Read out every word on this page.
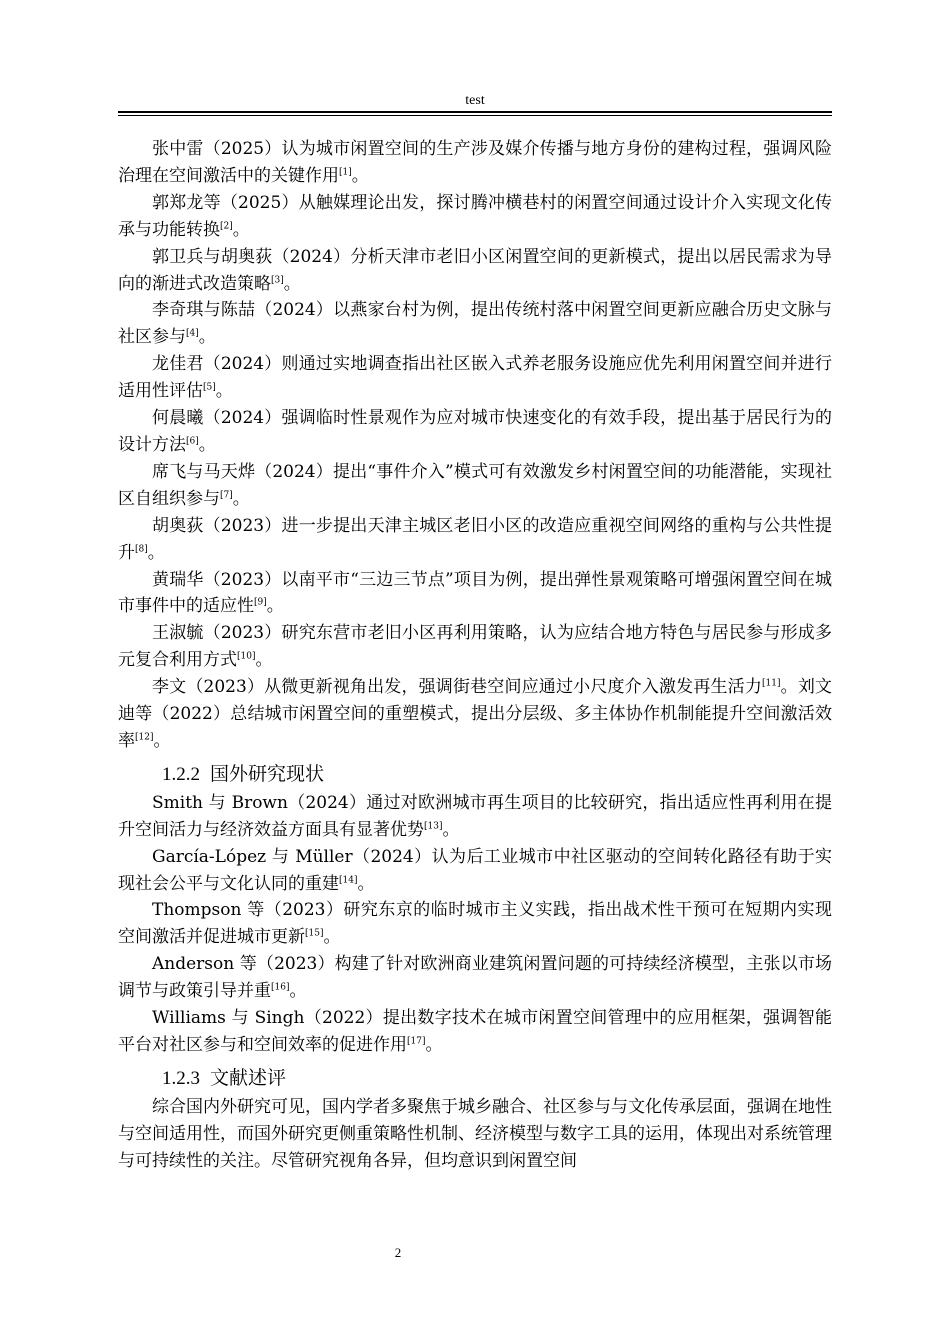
test

张中雷（2025）认为城市闲置空间的生产涉及媒介传播与地方身份的建构过程，强调风险治理在空间激活中的关键作用[1]。

郭郑龙等（2025）从触媒理论出发，探讨腾冲横巷村的闲置空间通过设计介入实现文化传承与功能转换[2]。

郭卫兵与胡奥荻（2024）分析天津市老旧小区闲置空间的更新模式，提出以居民需求为导向的渐进式改造策略[3]。

李奇琪与陈喆（2024）以燕家台村为例，提出传统村落中闲置空间更新应融合历史文脉与社区参与[4]。

龙佳君（2024）则通过实地调查指出社区嵌入式养老服务设施应优先利用闲置空间并进行适用性评估[5]。

何晨曦（2024）强调临时性景观作为应对城市快速变化的有效手段，提出基于居民行为的设计方法[6]。

席飞与马天烨（2024）提出“事件介入”模式可有效激发乡村闲置空间的功能潜能，实现社区自组织参与[7]。

胡奥荻（2023）进一步提出天津主城区老旧小区的改造应重视空间网络的重构与公共性提升[8]。

黄瑞华（2023）以南平市“三边三节点”项目为例，提出弹性景观策略可增强闲置空间在城市事件中的适应性[9]。

王淑毓（2023）研究东营市老旧小区再利用策略，认为应结合地方特色与居民参与形成多元复合利用方式[10]。

李文（2023）从微更新视角出发，强调街巷空间应通过小尺度介入激发再生活力[11]。刘文迪等（2022）总结城市闲置空间的重塑模式，提出分层级、多主体协作机制能提升空间激活效率[12]。

1.2.2 国外研究现状

Smith 与 Brown（2024）通过对欧洲城市再生项目的比较研究，指出适应性再利用在提升空间活力与经济效益方面具有显著优势[13]。

García-López 与 Müller（2024）认为后工业城市中社区驱动的空间转化路径有助于实现社会公平与文化认同的重建[14]。

Thompson 等（2023）研究东京的临时城市主义实践，指出战术性干预可在短期内实现空间激活并促进城市更新[15]。

Anderson 等（2023）构建了针对欧洲商业建筑闲置问题的可持续经济模型，主张以市场调节与政策引导并重[16]。

Williams 与 Singh（2022）提出数字技术在城市闲置空间管理中的应用框架，强调智能平台对社区参与和空间效率的促进作用[17]。

1.2.3 文献述评

综合国内外研究可见，国内学者多聚焦于城乡融合、社区参与与文化传承层面，强调在地性与空间适用性，而国外研究更侧重策略性机制、经济模型与数字工具的运用，体现出对系统管理与可持续性的关注。尽管研究视角各异，但均意识到闲置空间

2
